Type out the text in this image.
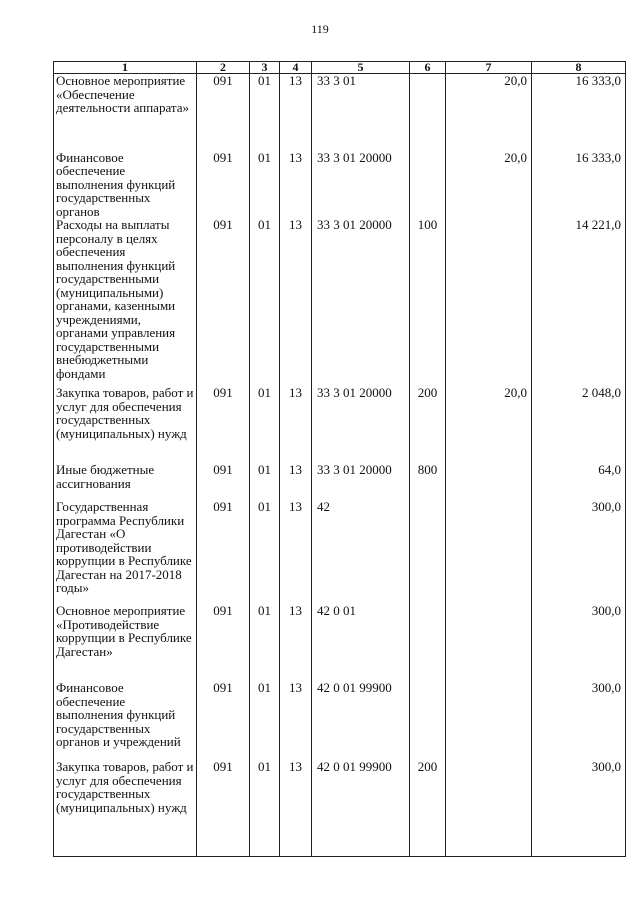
119
1	2	3	4	5	6	7	8
Основное мероприятие «Обеспечение деятельности аппарата»	091	01	13	33 3 01		20,0	16 333,0
Финансовое обеспечение выполнения функций государственных органов	091	01	13	33 3 01 20000		20,0	16 333,0
Расходы на выплаты персоналу в целях обеспечения выполнения функций государственными (муниципальными) органами, казенными учреждениями, органами управления государственными внебюджетными фондами	091	01	13	33 3 01 20000	100		14 221,0
Закупка товаров, работ и услуг для обеспечения государственных (муниципальных) нужд	091	01	13	33 3 01 20000	200	20,0	2 048,0
Иные бюджетные ассигнования	091	01	13	33 3 01 20000	800		64,0
Государственная программа Республики Дагестан «О противодействии коррупции в Республике Дагестан на 2017-2018 годы»	091	01	13	42			300,0
Основное мероприятие «Противодействие коррупции в Республике Дагестан»	091	01	13	42 0 01			300,0
Финансовое обеспечение выполнения функций государственных органов и учреждений	091	01	13	42 0 01 99900			300,0
Закупка товаров, работ и услуг для обеспечения государственных (муниципальных) нужд	091	01	13	42 0 01 99900	200		300,0
